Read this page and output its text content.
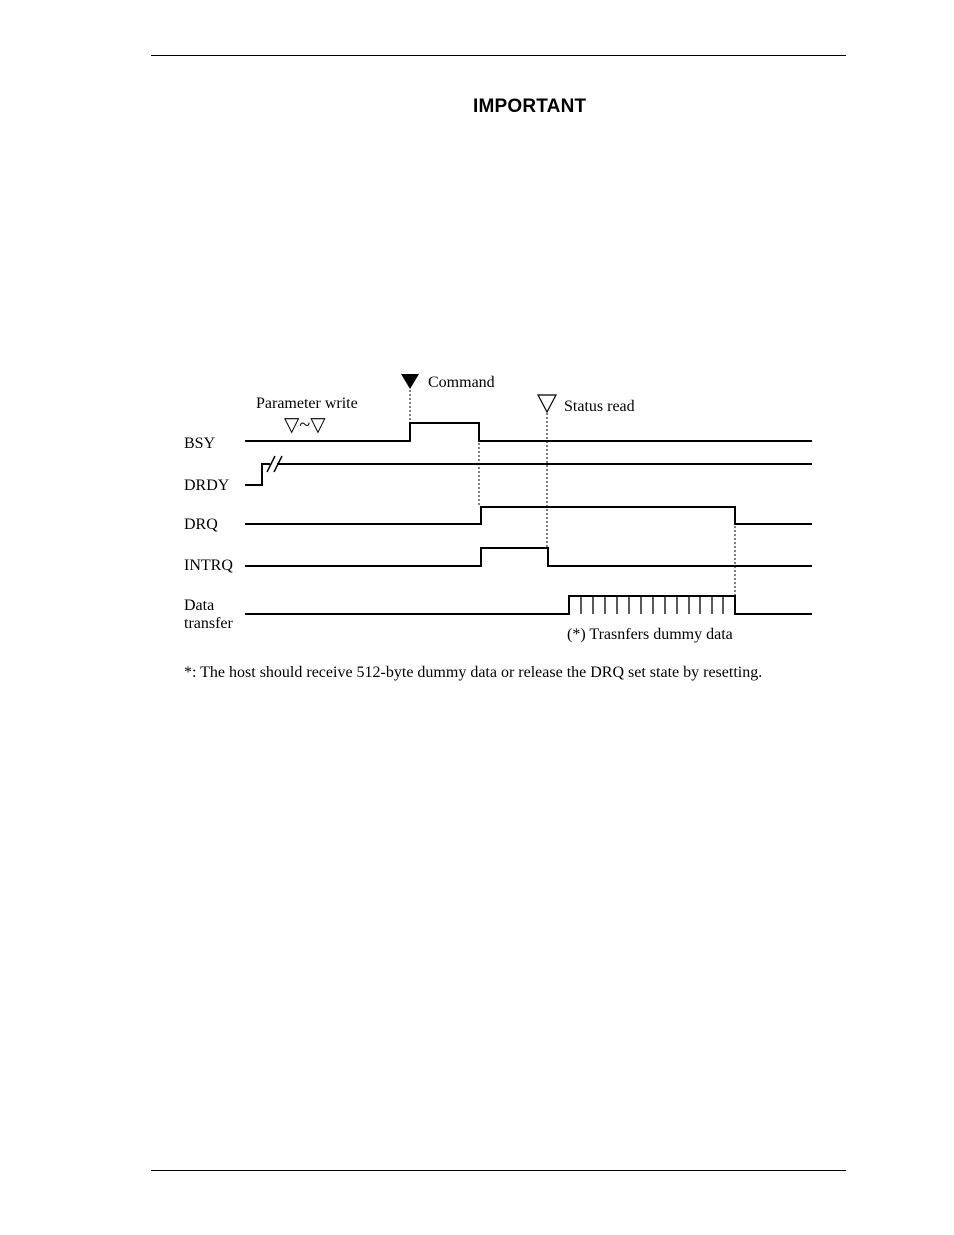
IMPORTANT
Parameter write
▽~▽
Command
Status read
BSY
DRDY
DRQ
INTRQ
Data
transfer
(*) Trasnfers dummy data
*: The host should receive 512-byte dummy data or release the DRQ set state by resetting.
